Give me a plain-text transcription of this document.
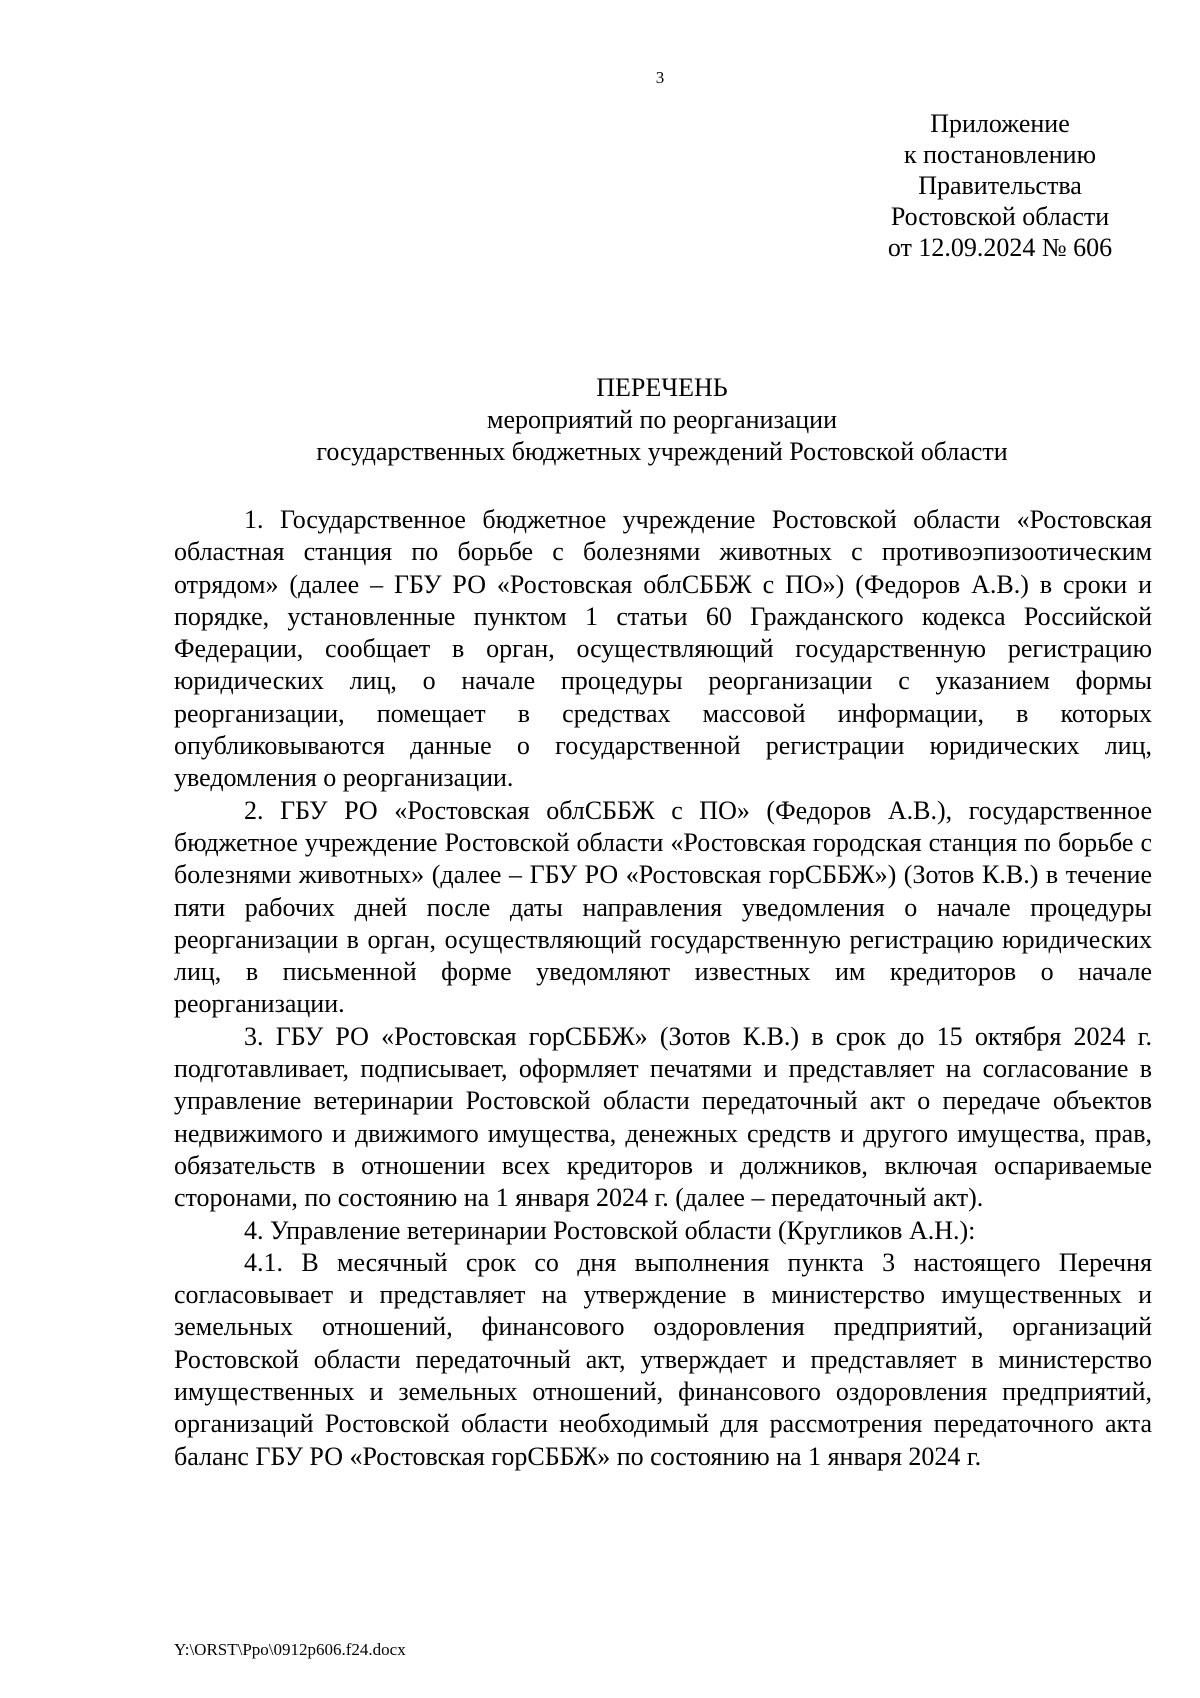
3
Приложение
к постановлению
Правительства
Ростовской области
от 12.09.2024 № 606
ПЕРЕЧЕНЬ
мероприятий по реорганизации
государственных бюджетных учреждений Ростовской области

1. Государственное бюджетное учреждение Ростовской области «Ростовская областная станция по борьбе с болезнями животных с противоэпизоотическим отрядом» (далее – ГБУ РО «Ростовская облСББЖ с ПО») (Федоров А.В.) в сроки и порядке, установленные пунктом 1 статьи 60 Гражданского кодекса Российской Федерации, сообщает в орган, осуществляющий государственную регистрацию юридических лиц, о начале процедуры реорганизации с указанием формы реорганизации, помещает в средствах массовой информации, в которых опубликовываются данные о государственной регистрации юридических лиц, уведомления о реорганизации.

2. ГБУ РО «Ростовская облСББЖ с ПО» (Федоров А.В.), государственное бюджетное учреждение Ростовской области «Ростовская городская станция по борьбе с болезнями животных» (далее – ГБУ РО «Ростовская горСББЖ») (Зотов К.В.) в течение пяти рабочих дней после даты направления уведомления о начале процедуры реорганизации в орган, осуществляющий государственную регистрацию юридических лиц, в письменной форме уведомляют известных им кредиторов о начале реорганизации.

3. ГБУ РО «Ростовская горСББЖ» (Зотов К.В.) в срок до 15 октября 2024 г. подготавливает, подписывает, оформляет печатями и представляет на согласование в управление ветеринарии Ростовской области передаточный акт о передаче объектов недвижимого и движимого имущества, денежных средств и другого имущества, прав, обязательств в отношении всех кредиторов и должников, включая оспариваемые сторонами, по состоянию на 1 января 2024 г. (далее – передаточный акт).

4. Управление ветеринарии Ростовской области (Кругликов А.Н.):

4.1. В месячный срок со дня выполнения пункта 3 настоящего Перечня согласовывает и представляет на утверждение в министерство имущественных и земельных отношений, финансового оздоровления предприятий, организаций Ростовской области передаточный акт, утверждает и представляет в министерство имущественных и земельных отношений, финансового оздоровления предприятий, организаций Ростовской области необходимый для рассмотрения передаточного акта баланс ГБУ РО «Ростовская горСББЖ» по состоянию на 1 января 2024 г.

Y:\ORST\Ppo\0912p606.f24.docx
